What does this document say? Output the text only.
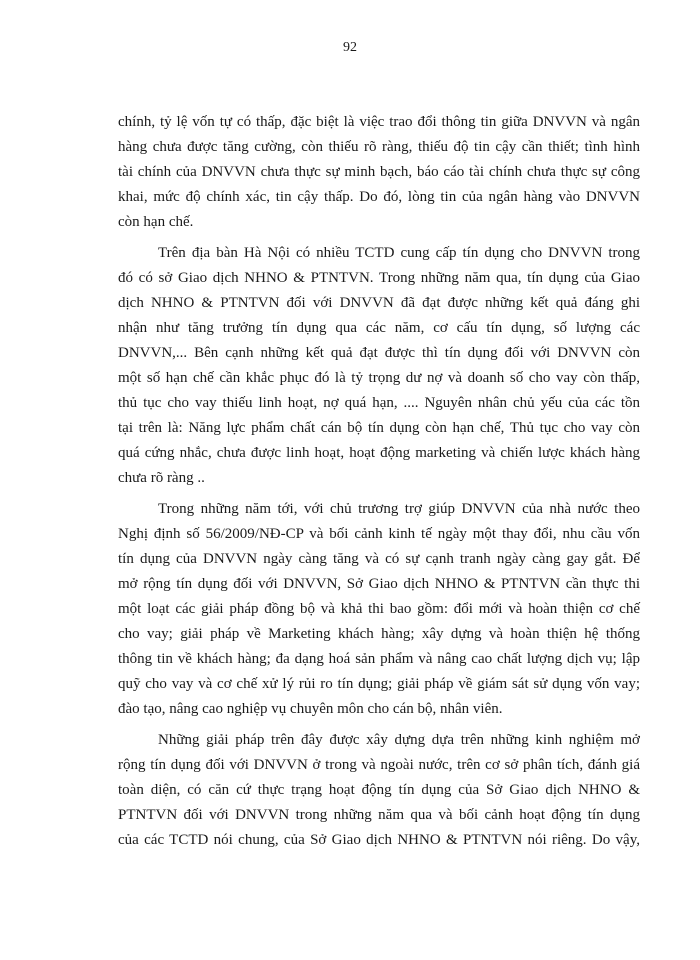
92
chính, tỷ lệ vốn tự có thấp, đặc biệt là việc trao đổi thông tin giữa DNVVN và ngân
hàng chưa được tăng cường, còn thiếu rõ ràng, thiếu độ tin cậy cần thiết; tình hình
tài chính của DNVVN chưa thực sự minh bạch, báo cáo tài chính chưa thực sự công
khai, mức độ chính xác, tin cậy thấp. Do đó, lòng tin của ngân hàng vào DNVVN
còn hạn chế.
Trên địa bàn Hà Nội có nhiều TCTD cung cấp tín dụng cho DNVVN trong
đó có sở Giao dịch NHNO & PTNTVN. Trong những năm qua, tín dụng của Giao
dịch NHNO & PTNTVN đối với DNVVN đã đạt được những kết quả đáng ghi
nhận như tăng trưởng tín dụng qua các năm, cơ cấu tín dụng, số lượng các
DNVVN,... Bên cạnh những kết quả đạt được thì tín dụng đối với DNVVN còn
một số hạn chế cần khắc phục đó là tỷ trọng dư nợ và doanh số cho vay còn thấp,
thủ tục cho vay thiếu linh hoạt, nợ quá hạn, .... Nguyên nhân chủ yếu của các tồn
tại trên là: Năng lực phẩm chất cán bộ tín dụng còn hạn chế, Thủ tục cho vay còn
quá cứng nhắc, chưa được linh hoạt, hoạt động marketing và chiến lược khách hàng
chưa rõ ràng ..
Trong những năm tới, với chủ trương trợ giúp DNVVN của nhà nước theo
Nghị định số 56/2009/NĐ-CP và bối cảnh kinh tế ngày một thay đổi, nhu cầu vốn
tín dụng của DNVVN ngày càng tăng và có sự cạnh tranh ngày càng gay gắt. Để
mở rộng tín dụng đối với DNVVN, Sở Giao dịch NHNO & PTNTVN cần thực thi
một loạt các giải pháp đồng bộ và khả thi bao gồm: đổi mới và hoàn thiện cơ chế
cho vay; giải pháp về Marketing khách hàng; xây dựng và hoàn thiện hệ thống
thông tin về khách hàng; đa dạng hoá sản phẩm và nâng cao chất lượng dịch vụ; lập
quỹ cho vay và cơ chế xử lý rủi ro tín dụng; giải pháp về giám sát sử dụng vốn vay;
đào tạo, nâng cao nghiệp vụ chuyên môn cho cán bộ, nhân viên.
Những giải pháp trên đây được xây dựng dựa trên những kinh nghiệm mở
rộng tín dụng đối với DNVVN ở trong và ngoài nước, trên cơ sở phân tích, đánh giá
toàn diện, có căn cứ thực trạng hoạt động tín dụng của Sở Giao dịch NHNO &
PTNTVN đối với DNVVN trong những năm qua và bối cảnh hoạt động tín dụng
của các TCTD nói chung, của Sở Giao dịch NHNO & PTNTVN nói riêng. Do vậy,
